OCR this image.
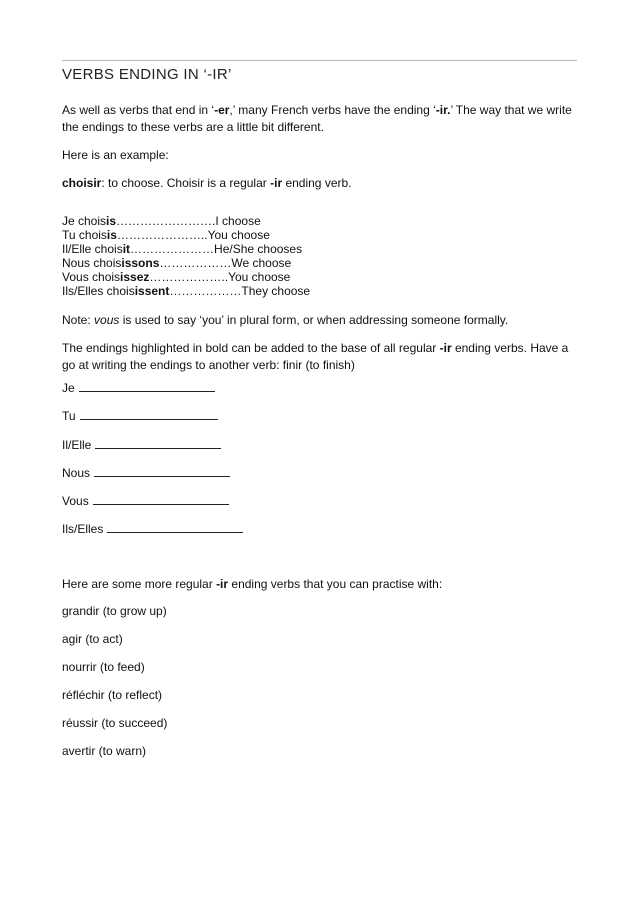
VERBS ENDING IN ‘-IR’
As well as verbs that end in ‘-er,’ many French verbs have the ending ‘-ir.’ The way that we write the endings to these verbs are a little bit different.
Here is an example:
choisir: to choose. Choisir is a regular -ir ending verb.
Je choisis…………………….I choose
Tu choisis…………………..You choose
Il/Elle choisit…………………He/She chooses
Nous choisissons………………We choose
Vous choisissez………………..You choose
Ils/Elles choisissent………………They choose
Note: vous is used to say ‘you’ in plural form, or when addressing someone formally.
The endings highlighted in bold can be added to the base of all regular -ir ending verbs. Have a go at writing the endings to another verb: finir (to finish)
Je
Tu
Il/Elle
Nous
Vous
Ils/Elles
Here are some more regular -ir ending verbs that you can practise with:
grandir (to grow up)
agir (to act)
nourrir (to feed)
réfléchir (to reflect)
réussir (to succeed)
avertir (to warn)
